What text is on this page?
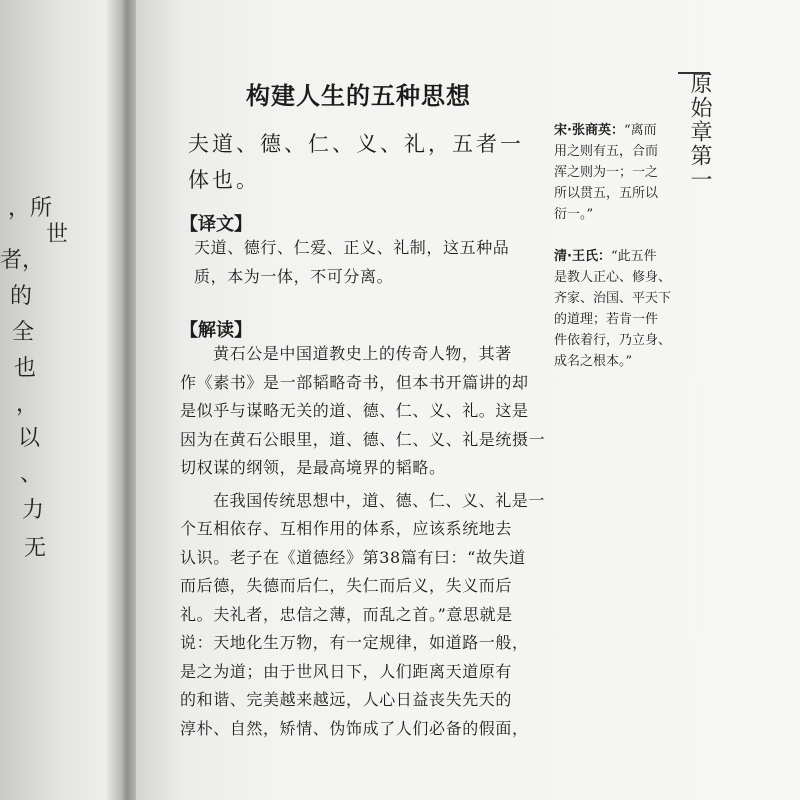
，所
世
者，
的
全
也
，
以
、
力
无
原始章第一
构建人生的五种思想
夫道、德、仁、义、礼，五者一
体也。
【译文】
天道、德行、仁爱、正义、礼制，这五种品
质，本为一体，不可分离。
【解读】
黄石公是中国道教史上的传奇人物，其著
作《素书》是一部韬略奇书，但本书开篇讲的却
是似乎与谋略无关的道、德、仁、义、礼。这是
因为在黄石公眼里，道、德、仁、义、礼是统摄一
切权谋的纲领，是最高境界的韬略。
在我国传统思想中，道、德、仁、义、礼是一
个互相依存、互相作用的体系，应该系统地去
认识。老子在《道德经》第38篇有曰：“故失道
而后德，失德而后仁，失仁而后义，失义而后
礼。夫礼者，忠信之薄，而乱之首。”意思就是
说：天地化生万物，有一定规律，如道路一般，
是之为道；由于世风日下，人们距离天道原有
的和谐、完美越来越远，人心日益丧失先天的
淳朴、自然，矫情、伪饰成了人们必备的假面，
宋·张商英：“离而
用之则有五，合而
浑之则为一；一之
所以贯五，五所以
衍一。”
清·王氏：“此五件
是教人正心、修身、
齐家、治国、平天下
的道理；若肯一件
件依着行，乃立身、
成名之根本。”
